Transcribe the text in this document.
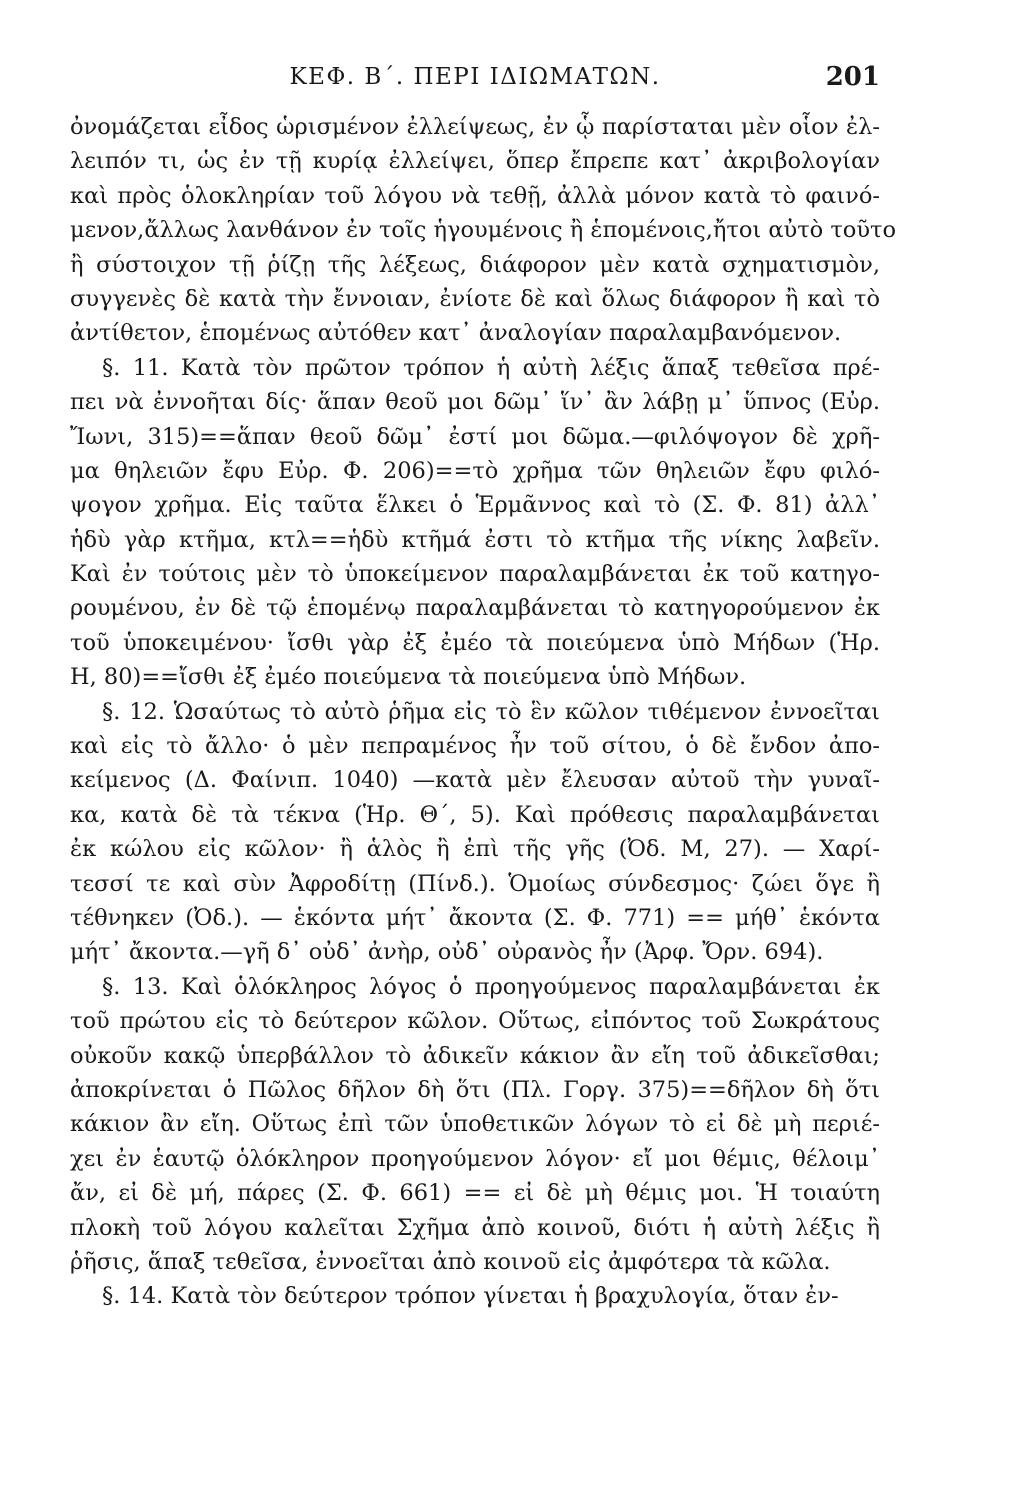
ΚΕΦ. Β΄. ΠΕΡΙ ΙΔΙΩΜΑΤΩΝ.	201
ὀνομάζεται εἶδος ὡρισμένον ἐλλείψεως, ἐν ᾧ παρίσταται μὲν οἷον ἐλ-
λειπόν τι, ὡς ἐν τῇ κυρίᾳ ἐλλείψει, ὅπερ ἔπρεπε κατ᾽ ἀκριβολογίαν
καὶ πρὸς ὁλοκληρίαν τοῦ λόγου νὰ τεθῇ, ἀλλὰ μόνον κατὰ τὸ φαινό-
μενον,ἄλλως λανθάνον ἐν τοῖς ἡγουμένοις ἢ ἑπομένοις,ἤτοι αὐτὸ τοῦτο
ἢ σύστοιχον τῇ ῥίζῃ τῆς λέξεως, διάφορον μὲν κατὰ σχηματισμὸν,
συγγενὲς δὲ κατὰ τὴν ἔννοιαν, ἐνίοτε δὲ καὶ ὅλως διάφορον ἢ καὶ τὸ
ἀντίθετον, ἑπομένως αὐτόθεν κατ᾽ ἀναλογίαν παραλαμβανόμενον.
§. 11. Κατὰ τὸν πρῶτον τρόπον ἡ αὐτὴ λέξις ἅπαξ τεθεῖσα πρέ-
πει νὰ ἐννοῆται δίς· ἅπαν θεοῦ μοι δῶμ᾽ ἵν᾽ ἂν λάβῃ μ᾽ ὕπνος (Εὐρ.
Ἴωνι, 315)==ἅπαν θεοῦ δῶμ᾽ ἐστί μοι δῶμα.—φιλόψογον δὲ χρῆ-
μα θηλειῶν ἔφυ Εὐρ. Φ. 206)==τὸ χρῆμα τῶν θηλειῶν ἔφυ φιλό-
ψογον χρῆμα. Εἰς ταῦτα ἕλκει ὁ Ἑρμᾶννος καὶ τὸ (Σ. Φ. 81) ἀλλ᾽
ἡδὺ γὰρ κτῆμα, κτλ==ἡδὺ κτῆμά ἐστι τὸ κτῆμα τῆς νίκης λαβεῖν.
Καὶ ἐν τούτοις μὲν τὸ ὑποκείμενον παραλαμβάνεται ἐκ τοῦ κατηγο-
ρουμένου, ἐν δὲ τῷ ἑπομένῳ παραλαμβάνεται τὸ κατηγορούμενον ἐκ
τοῦ ὑποκειμένου· ἴσθι γὰρ ἐξ ἐμέο τὰ ποιεύμενα ὑπὸ Μήδων (Ἡρ.
Η, 80)==ἴσθι ἐξ ἐμέο ποιεύμενα τὰ ποιεύμενα ὑπὸ Μήδων.
§. 12. Ὡσαύτως τὸ αὐτὸ ῥῆμα εἰς τὸ ἓν κῶλον τιθέμενον ἐννοεῖται
καὶ εἰς τὸ ἄλλο· ὁ μὲν πεπραμένος ἦν τοῦ σίτου, ὁ δὲ ἔνδον ἀπο-
κείμενος (Δ. Φαίνιπ. 1040) —κατὰ μὲν ἔλευσαν αὐτοῦ τὴν γυναῖ-
κα, κατὰ δὲ τὰ τέκνα (Ἡρ. Θ΄, 5). Καὶ πρόθεσις παραλαμβάνεται
ἐκ κώλου εἰς κῶλον· ἢ ἁλὸς ἢ ἐπὶ τῆς γῆς (Ὀδ. Μ, 27). — Χαρί-
τεσσί τε καὶ σὺν Ἀφροδίτῃ (Πίνδ.). Ὁμοίως σύνδεσμος· ζώει ὅγε ἢ
τέθνηκεν (Ὀδ.). — ἑκόντα μήτ᾽ ἄκοντα (Σ. Φ. 771) == μήθ᾽ ἑκόντα
μήτ᾽ ἄκοντα.—γῆ δ᾽ οὐδ᾽ ἀνὴρ, οὐδ᾽ οὐρανὸς ἦν (Ἀρφ. Ὄρν. 694).
§. 13. Καὶ ὁλόκληρος λόγος ὁ προηγούμενος παραλαμβάνεται ἐκ
τοῦ πρώτου εἰς τὸ δεύτερον κῶλον. Οὕτως, εἰπόντος τοῦ Σωκράτους
οὐκοῦν κακῷ ὑπερβάλλον τὸ ἀδικεῖν κάκιον ἂν εἴη τοῦ ἀδικεῖσθαι;
ἀποκρίνεται ὁ Πῶλος δῆλον δὴ ὅτι (Πλ. Γοργ. 375)==δῆλον δὴ ὅτι
κάκιον ἂν εἴη. Οὕτως ἐπὶ τῶν ὑποθετικῶν λόγων τὸ εἰ δὲ μὴ περιέ-
χει ἐν ἑαυτῷ ὁλόκληρον προηγούμενον λόγον· εἴ μοι θέμις, θέλοιμ᾽
ἄν, εἰ δὲ μή, πάρες (Σ. Φ. 661) == εἰ δὲ μὴ θέμις μοι. Ἡ τοιαύτη
πλοκὴ τοῦ λόγου καλεῖται Σχῆμα ἀπὸ κοινοῦ, διότι ἡ αὐτὴ λέξις ἢ
ῥῆσις, ἅπαξ τεθεῖσα, ἐννοεῖται ἀπὸ κοινοῦ εἰς ἀμφότερα τὰ κῶλα.
§. 14. Κατὰ τὸν δεύτερον τρόπον γίνεται ἡ βραχυλογία, ὅταν ἐν-
